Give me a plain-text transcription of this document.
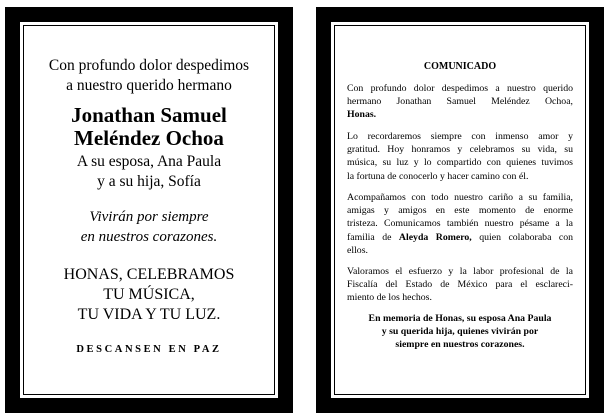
Con profundo dolor despedimos
a nuestro querido hermano
Jonathan Samuel
Meléndez Ochoa
A su esposa, Ana Paula
y a su hija, Sofía
Vivirán por siempre
en nuestros corazones.
HONAS, CELEBRAMOS
TU MÚSICA,
TU VIDA Y TU LUZ.
DESCANSEN EN PAZ
COMUNICADO
Con profundo dolor despedimos a nuestro querido
hermano Jonathan Samuel Meléndez Ochoa,
Honas.
Lo recordaremos siempre con inmenso amor y
gratitud. Hoy honramos y celebramos su vida, su
música, su luz y lo compartido con quienes tuvimos
la fortuna de conocerlo y hacer camino con él.
Acompañamos con todo nuestro cariño a su familia,
amigas y amigos en este momento de enorme
tristeza. Comunicamos también nuestro pésame a la
familia de Aleyda Romero, quien colaboraba con
ellos.
Valoramos el esfuerzo y la labor profesional de la
Fiscalía del Estado de México para el esclareci-
miento de los hechos.
En memoria de Honas, su esposa Ana Paula
y su querida hija, quienes vivirán por
siempre en nuestros corazones.
